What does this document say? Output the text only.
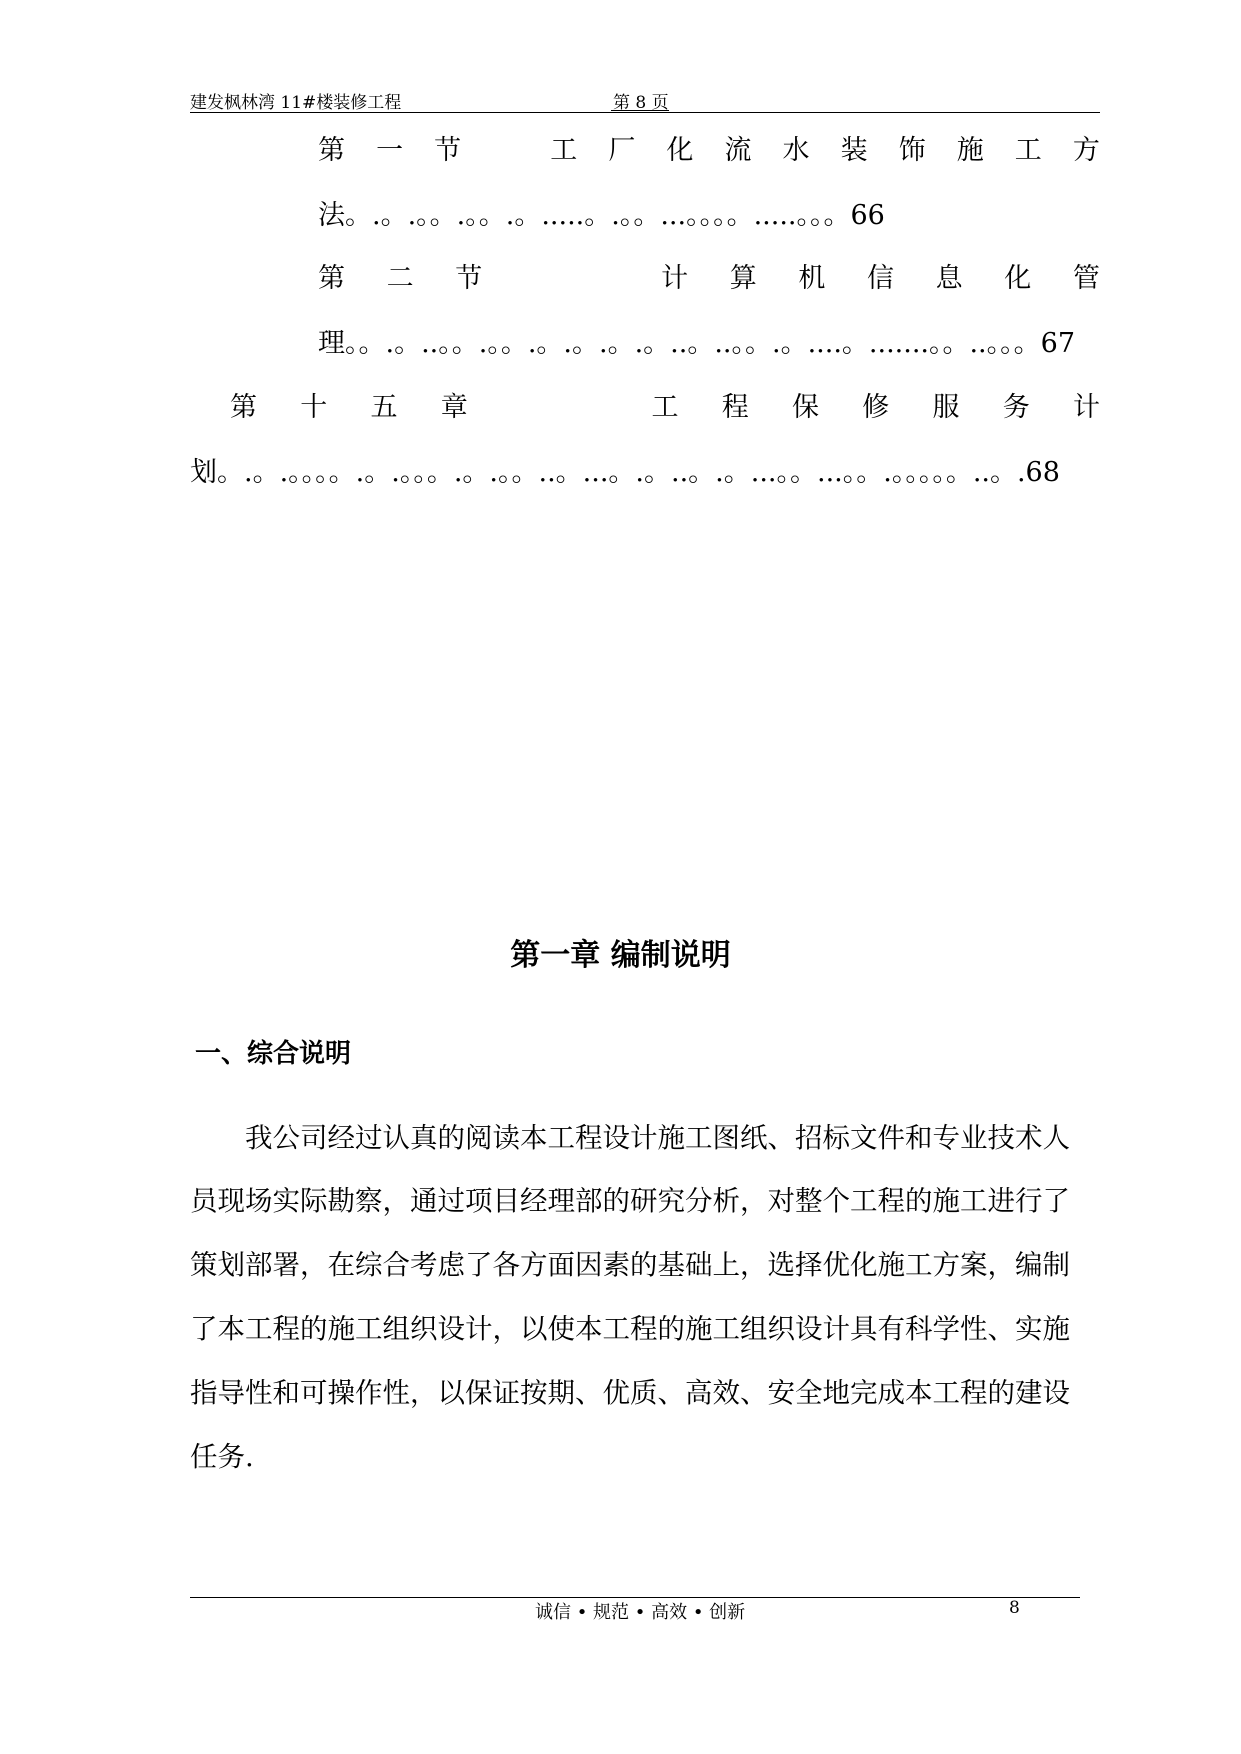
建发枫林湾 11#楼装修工程	第 8 页
第 一 节	工 厂 化 流 水 装 饰 施 工 方
法。.。.。。.。。.。.....。.。。...。。。。.....。。。66
第 二 节	计 算 机 信 息 化 管
理。。.。..。。.。。.。.。.。.。..。..。。.。....。.......。。..。。。67
第 十 五 章	工 程 保 修 服 务 计
划。.。.。。。。.。.。。。.。.。。..。...。.。..。.。...。。...。。.。。。。。..。.68
第一章 编制说明
一、综合说明
我公司经过认真的阅读本工程设计施工图纸、招标文件和专业技术人
员现场实际勘察，通过项目经理部的研究分析，对整个工程的施工进行了
策划部署，在综合考虑了各方面因素的基础上，选择优化施工方案，编制
了本工程的施工组织设计，以使本工程的施工组织设计具有科学性、实施
指导性和可操作性，以保证按期、优质、高效、安全地完成本工程的建设
任务.
诚信 • 规范 • 高效 • 创新	8
